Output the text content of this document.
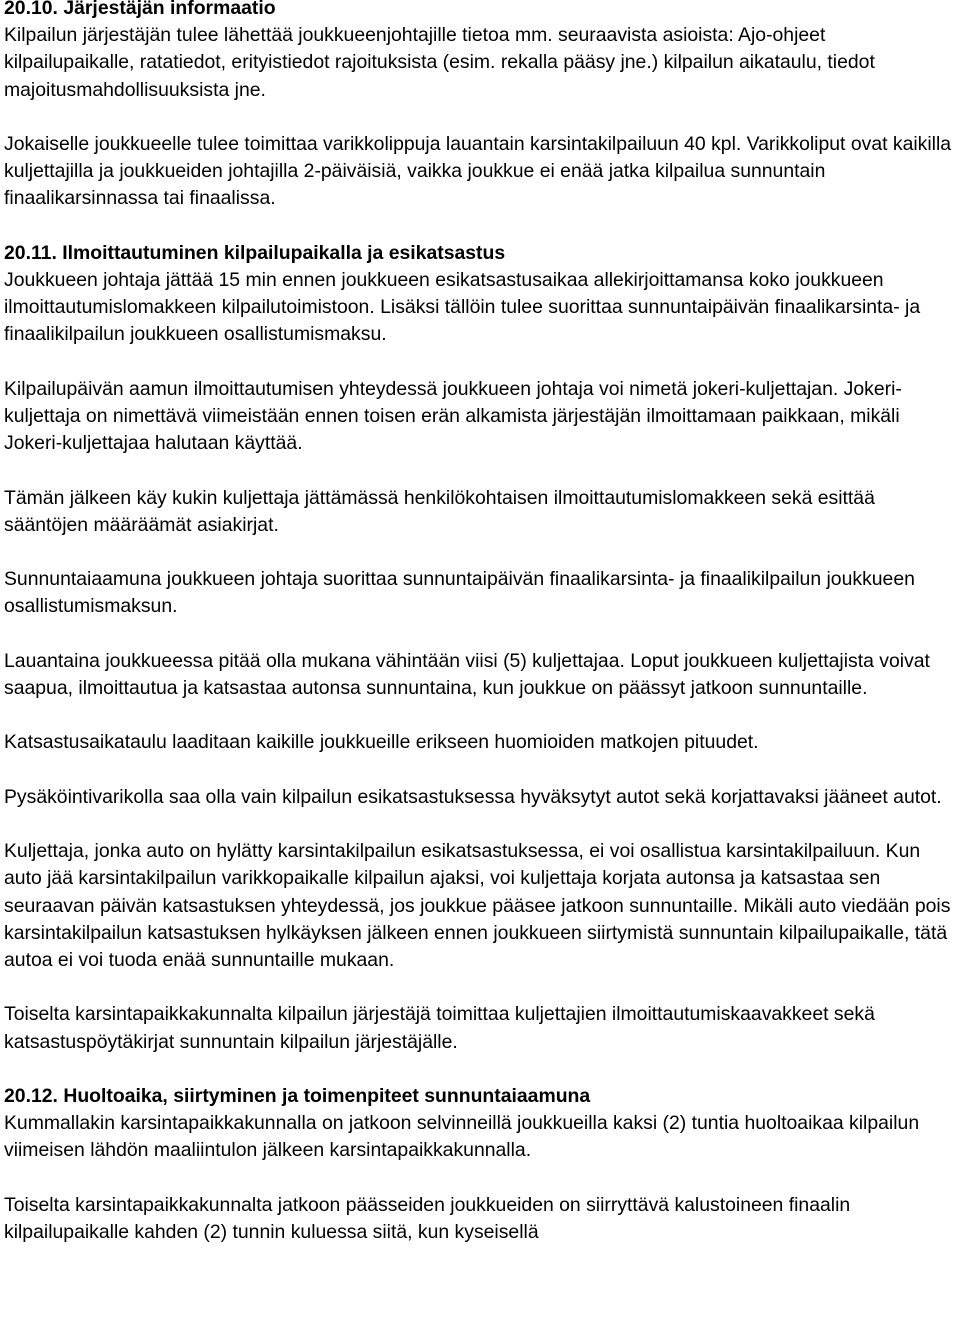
20.10. Järjestäjän informaatio

Kilpailun järjestäjän tulee lähettää joukkueenjohtajille tietoa mm. seuraavista asioista: Ajo-ohjeet kilpailupaikalle, ratatiedot, erityistiedot rajoituksista (esim. rekalla pääsy jne.) kilpailun aikataulu, tiedot majoitusmahdollisuuksista jne.

Jokaiselle joukkueelle tulee toimittaa varikkolippuja lauantain karsintakilpailuun 40 kpl. Varikkoliput ovat kaikilla kuljettajilla ja joukkueiden johtajilla 2-päiväisiä, vaikka joukkue ei enää jatka kilpailua sunnuntain finaalikarsinnassa tai finaalissa.

20.11. Ilmoittautuminen kilpailupaikalla ja esikatsastus

Joukkueen johtaja jättää 15 min ennen joukkueen esikatsastusaikaa allekirjoittamansa koko joukkueen ilmoittautumislomakkeen kilpailutoimistoon. Lisäksi tällöin tulee suorittaa sunnuntaipäivän finaalikarsinta- ja finaalikilpailun joukkueen osallistumismaksu.

Kilpailupäivän aamun ilmoittautumisen yhteydessä joukkueen johtaja voi nimetä jokeri-kuljettajan. Jokeri-kuljettaja on nimettävä viimeistään ennen toisen erän alkamista järjestäjän ilmoittamaan paikkaan, mikäli Jokeri-kuljettajaa halutaan käyttää.

Tämän jälkeen käy kukin kuljettaja jättämässä henkilökohtaisen ilmoittautumislomakkeen sekä esittää sääntöjen määräämät asiakirjat.

Sunnuntaiaamuna joukkueen johtaja suorittaa sunnuntaipäivän finaalikarsinta- ja finaalikilpailun joukkueen osallistumismaksun.

Lauantaina joukkueessa pitää olla mukana vähintään viisi (5) kuljettajaa. Loput joukkueen kuljettajista voivat saapua, ilmoittautua ja katsastaa autonsa sunnuntaina, kun joukkue on päässyt jatkoon sunnuntaille.

Katsastusaikataulu laaditaan kaikille joukkueille erikseen huomioiden matkojen pituudet.

Pysäköintivarikolla saa olla vain kilpailun esikatsastuksessa hyväksytyt autot sekä korjattavaksi jääneet autot.

Kuljettaja, jonka auto on hylätty karsintakilpailun esikatsastuksessa, ei voi osallistua karsintakilpailuun. Kun auto jää karsintakilpailun varikkopaikalle kilpailun ajaksi, voi kuljettaja korjata autonsa ja katsastaa sen seuraavan päivän katsastuksen yhteydessä, jos joukkue pääsee jatkoon sunnuntaille. Mikäli auto viedään pois karsintakilpailun katsastuksen hylkäyksen jälkeen ennen joukkueen siirtymistä sunnuntain kilpailupaikalle, tätä autoa ei voi tuoda enää sunnuntaille mukaan.

Toiselta karsintapaikkakunnalta kilpailun järjestäjä toimittaa kuljettajien ilmoittautumiskaavakkeet sekä katsastuspöytäkirjat sunnuntain kilpailun järjestäjälle.

20.12. Huoltoaika, siirtyminen ja toimenpiteet sunnuntaiaamuna

Kummallakin karsintapaikkakunnalla on jatkoon selvinneillä joukkueilla kaksi (2) tuntia huoltoaikaa kilpailun viimeisen lähdön maaliintulon jälkeen karsintapaikkakunnalla.

Toiselta karsintapaikkakunnalta jatkoon päässeiden joukkueiden on siirryttävä kalustoineen finaalin kilpailupaikalle kahden (2) tunnin kuluessa siitä, kun kyseisellä
